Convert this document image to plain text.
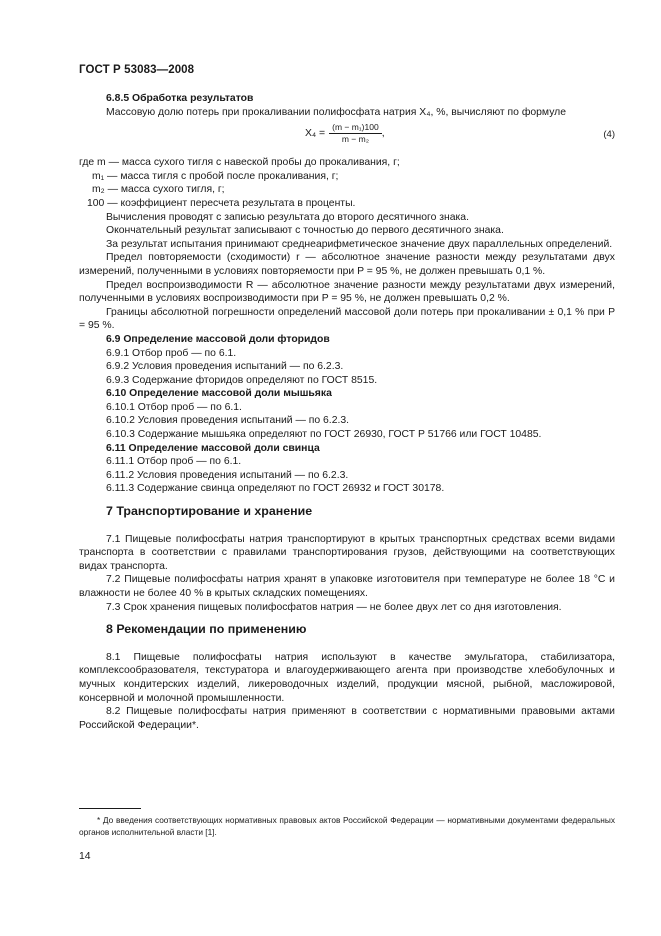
ГОСТ Р 53083—2008

6.8.5 Обработка результатов

Массовую долю потерь при прокаливании полифосфата натрия X₄, %, вычисляют по формуле

$X_4 = \frac{\text{(m − m₁)100}}{\text{m − m₂}}$ ,	(4)

где m — масса сухого тигля с навеской пробы до прокаливания, г;

m₁ — масса тигля с пробой после прокаливания, г;

m₂ — масса сухого тигля, г;

100 — коэффициент пересчета результата в проценты.

Вычисления проводят с записью результата до второго десятичного знака.

Окончательный результат записывают с точностью до первого десятичного знака.

За результат испытания принимают среднеарифметическое значение двух параллельных определений.

Предел повторяемости (сходимости) r — абсолютное значение разности между результатами двух измерений, полученными в условиях повторяемости при P = 95 %, не должен превышать 0,1 %.

Предел воспроизводимости R — абсолютное значение разности между результатами двух измерений, полученными в условиях воспроизводимости при P = 95 %, не должен превышать 0,2 %.

Границы абсолютной погрешности определений массовой доли потерь при прокаливании ± 0,1 % при P = 95 %.

6.9 Определение массовой доли фторидов

6.9.1 Отбор проб — по 6.1.

6.9.2 Условия проведения испытаний — по 6.2.3.

6.9.3 Содержание фторидов определяют по ГОСТ 8515.

6.10 Определение массовой доли мышьяка

6.10.1 Отбор проб — по 6.1.

6.10.2 Условия проведения испытаний — по 6.2.3.

6.10.3 Содержание мышьяка определяют по ГОСТ 26930, ГОСТ Р 51766 или ГОСТ 10485.

6.11 Определение массовой доли свинца

6.11.1 Отбор проб — по 6.1.

6.11.2 Условия проведения испытаний — по 6.2.3.

6.11.3 Содержание свинца определяют по ГОСТ 26932 и ГОСТ 30178.

7 Транспортирование и хранение

7.1 Пищевые полифосфаты натрия транспортируют в крытых транспортных средствах всеми видами транспорта в соответствии с правилами транспортирования грузов, действующими на соответствующих видах транспорта.

7.2 Пищевые полифосфаты натрия хранят в упаковке изготовителя при температуре не более 18 °С и влажности не более 40 % в крытых складских помещениях.

7.3 Срок хранения пищевых полифосфатов натрия — не более двух лет со дня изготовления.

8 Рекомендации по применению

8.1 Пищевые полифосфаты натрия используют в качестве эмульгатора, стабилизатора, комплексообразователя, текстуратора и влагоудерживающего агента при производстве хлебобулочных и мучных кондитерских изделий, ликероводочных изделий, продукции мясной, рыбной, масложировой, консервной и молочной промышленности.

8.2 Пищевые полифосфаты натрия применяют в соответствии с нормативными правовыми актами Российской Федерации*.

* До введения соответствующих нормативных правовых актов Российской Федерации — нормативными документами федеральных органов исполнительной власти [1].

14
